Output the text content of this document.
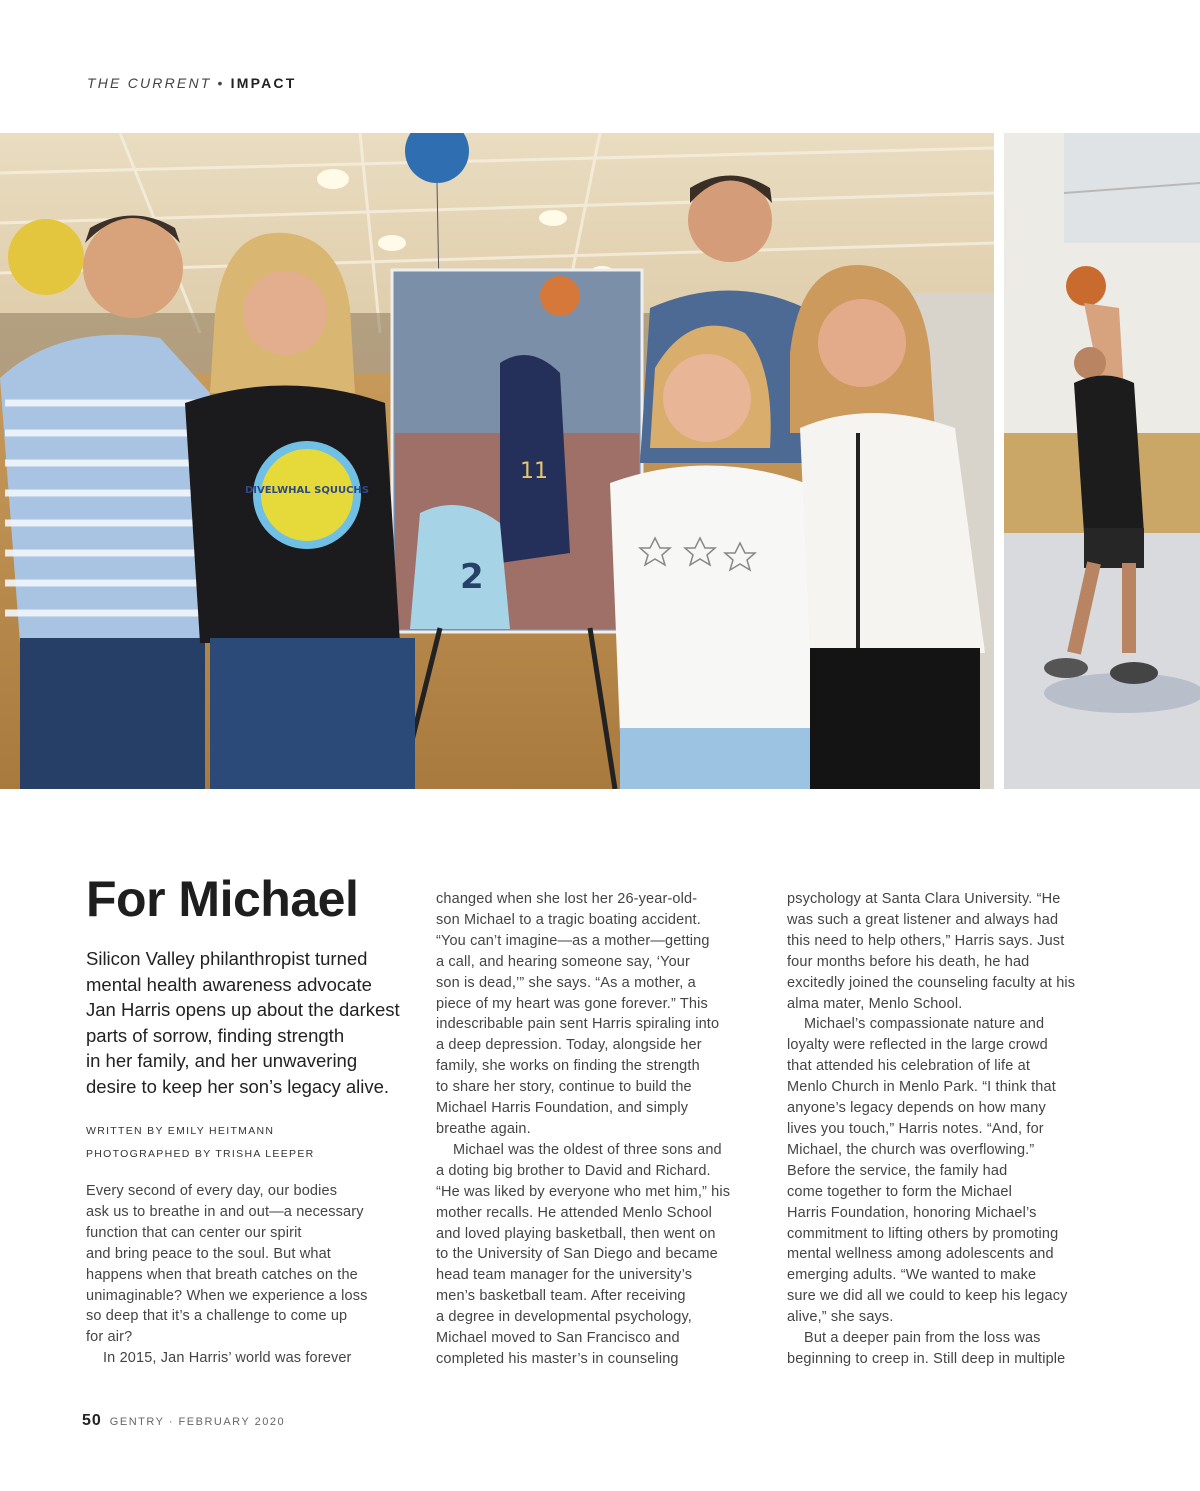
THE CURRENT • IMPACT
11
2
DIVELWHAL SQUUCHS

For Michael
Silicon Valley philanthropist turned
mental health awareness advocate
Jan Harris opens up about the darkest
parts of sorrow, finding strength
in her family, and her unwavering
desire to keep her son’s legacy alive.
WRITTEN BY EMILY HEITMANN
PHOTOGRAPHED BY TRISHA LEEPER
Every second of every day, our bodies
ask us to breathe in and out—a necessary
function that can center our spirit
and bring peace to the soul. But what
happens when that breath catches on the
unimaginable? When we experience a loss
so deep that it’s a challenge to come up
for air?
In 2015, Jan Harris’ world was forever
changed when she lost her 26-year-old-
son Michael to a tragic boating accident.
“You can’t imagine—as a mother—getting
a call, and hearing someone say, ‘Your
son is dead,’” she says. “As a mother, a
piece of my heart was gone forever.” This
indescribable pain sent Harris spiraling into
a deep depression. Today, alongside her
family, she works on finding the strength
to share her story, continue to build the
Michael Harris Foundation, and simply
breathe again.
Michael was the oldest of three sons and
a doting big brother to David and Richard.
“He was liked by everyone who met him,” his
mother recalls. He attended Menlo School
and loved playing basketball, then went on
to the University of San Diego and became
head team manager for the university’s
men’s basketball team. After receiving
a degree in developmental psychology,
Michael moved to San Francisco and
completed his master’s in counseling
psychology at Santa Clara University. “He
was such a great listener and always had
this need to help others,” Harris says. Just
four months before his death, he had
excitedly joined the counseling faculty at his
alma mater, Menlo School.
Michael’s compassionate nature and
loyalty were reflected in the large crowd
that attended his celebration of life at
Menlo Church in Menlo Park. “I think that
anyone’s legacy depends on how many
lives you touch,” Harris notes. “And, for
Michael, the church was overflowing.”
Before the service, the family had
come together to form the Michael
Harris Foundation, honoring Michael’s
commitment to lifting others by promoting
mental wellness among adolescents and
emerging adults. “We wanted to make
sure we did all we could to keep his legacy
alive,” she says.
But a deeper pain from the loss was
beginning to creep in. Still deep in multiple
50 GENTRY · FEBRUARY 2020
